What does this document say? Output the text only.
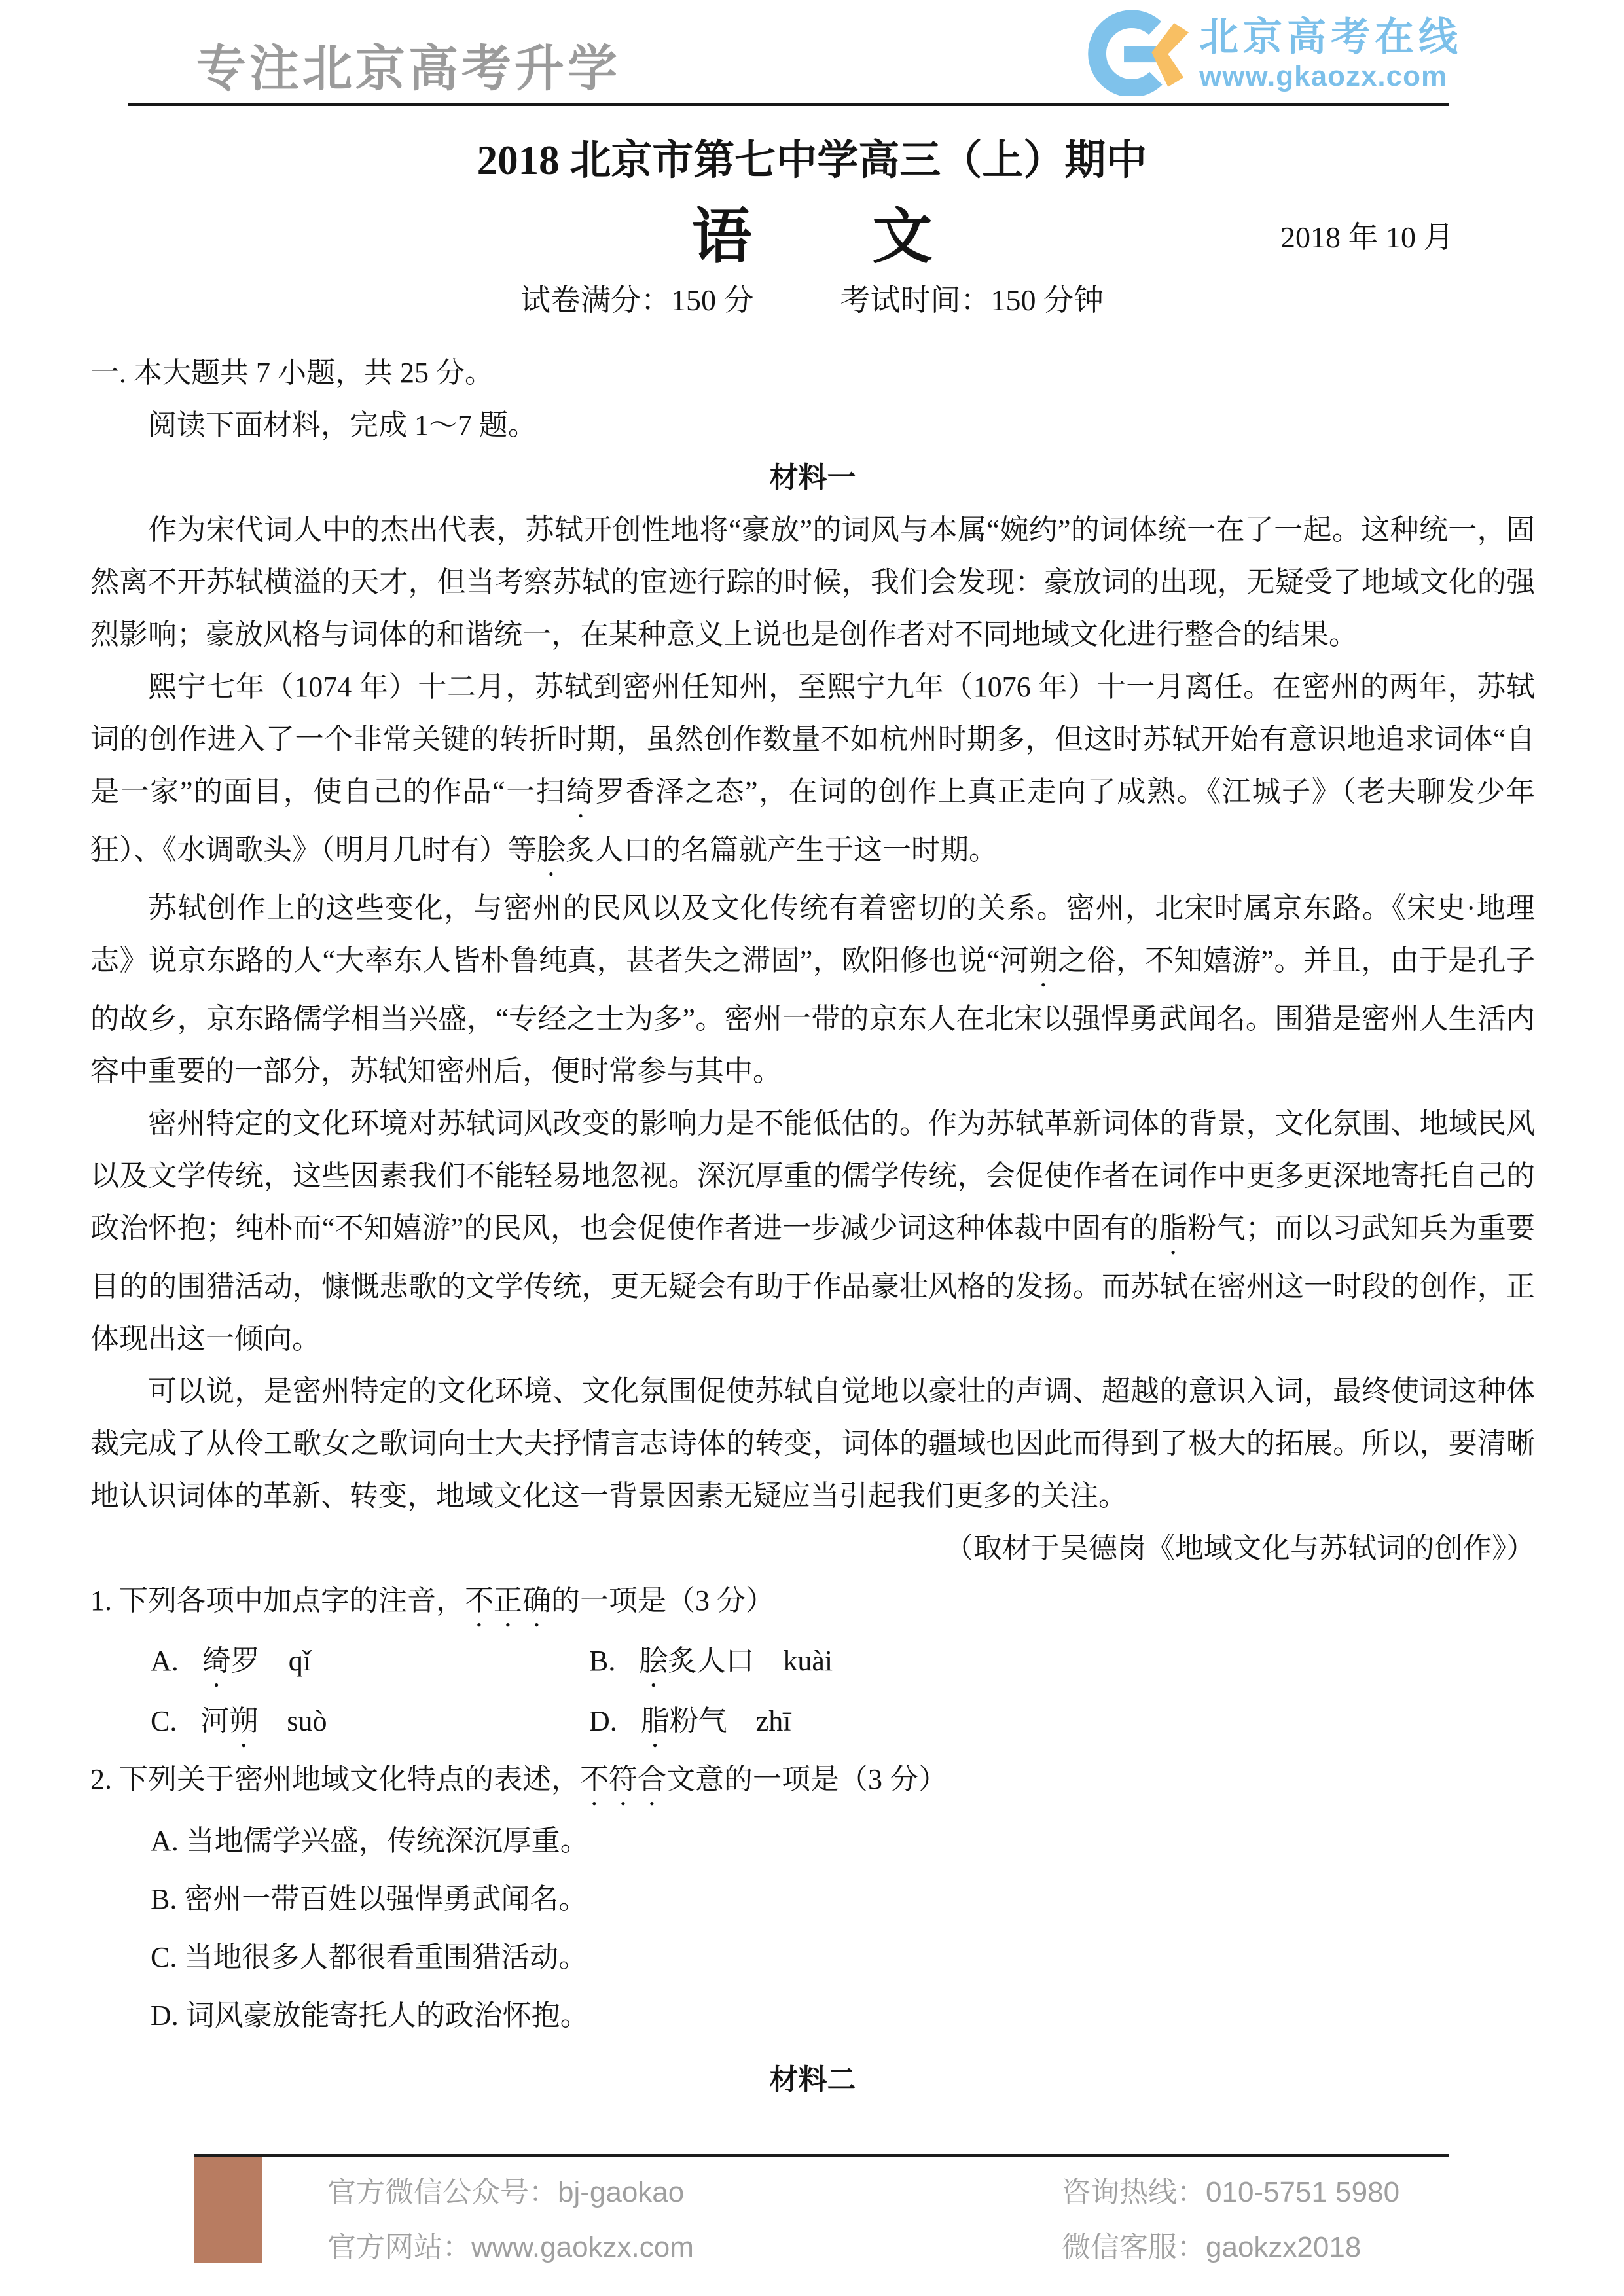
专注北京高考升学
北京高考在线
www.gkaozx.com
2018 北京市第七中学高三（上）期中
语　　文	2018 年 10 月
试卷满分：150 分	考试时间：150 分钟

一. 本大题共 7 小题，共 25 分。

阅读下面材料，完成 1～7 题。

材料一

作为宋代词人中的杰出代表，苏轼开创性地将“豪放”的词风与本属“婉约”的词体统一在了一起。这种统一，固然离不开苏轼横溢的天才，但当考察苏轼的宦迹行踪的时候，我们会发现：豪放词的出现，无疑受了地域文化的强烈影响；豪放风格与词体的和谐统一，在某种意义上说也是创作者对不同地域文化进行整合的结果。

熙宁七年（1074 年）十二月，苏轼到密州任知州，至熙宁九年（1076 年）十一月离任。在密州的两年，苏轼词的创作进入了一个非常关键的转折时期，虽然创作数量不如杭州时期多，但这时苏轼开始有意识地追求词体“自是一家”的面目，使自己的作品“一扫绮罗香泽之态”，在词的创作上真正走向了成熟。《江城子》（老夫聊发少年狂）、《水调歌头》（明月几时有）等脍炙人口的名篇就产生于这一时期。

苏轼创作上的这些变化，与密州的民风以及文化传统有着密切的关系。密州，北宋时属京东路。《宋史·地理志》说京东路的人“大率东人皆朴鲁纯真，甚者失之滞固”，欧阳修也说“河朔之俗，不知嬉游”。并且，由于是孔子的故乡，京东路儒学相当兴盛，“专经之士为多”。密州一带的京东人在北宋以强悍勇武闻名。围猎是密州人生活内容中重要的一部分，苏轼知密州后，便时常参与其中。

密州特定的文化环境对苏轼词风改变的影响力是不能低估的。作为苏轼革新词体的背景，文化氛围、地域民风以及文学传统，这些因素我们不能轻易地忽视。深沉厚重的儒学传统，会促使作者在词作中更多更深地寄托自己的政治怀抱；纯朴而“不知嬉游”的民风，也会促使作者进一步减少词这种体裁中固有的脂粉气；而以习武知兵为重要目的的围猎活动，慷慨悲歌的文学传统，更无疑会有助于作品豪壮风格的发扬。而苏轼在密州这一时段的创作，正体现出这一倾向。

可以说，是密州特定的文化环境、文化氛围促使苏轼自觉地以豪壮的声调、超越的意识入词，最终使词这种体裁完成了从伶工歌女之歌词向士大夫抒情言志诗体的转变，词体的疆域也因此而得到了极大的拓展。所以，要清晰地认识词体的革新、转变，地域文化这一背景因素无疑应当引起我们更多的关注。

（取材于吴德岗《地域文化与苏轼词的创作》）

1. 下列各项中加点字的注音，不正确的一项是（3 分）

A. 绮罗 qǐ	B. 脍炙人口 kuài
C. 河朔 suò	D. 脂粉气 zhī

2. 下列关于密州地域文化特点的表述，不符合文意的一项是（3 分）

A. 当地儒学兴盛，传统深沉厚重。

B. 密州一带百姓以强悍勇武闻名。

C. 当地很多人都很看重围猎活动。

D. 词风豪放能寄托人的政治怀抱。

材料二

官方微信公众号：bj-gaokao
官方网站：www.gaokzx.com
咨询热线：010-5751 5980
微信客服：gaokzx2018
